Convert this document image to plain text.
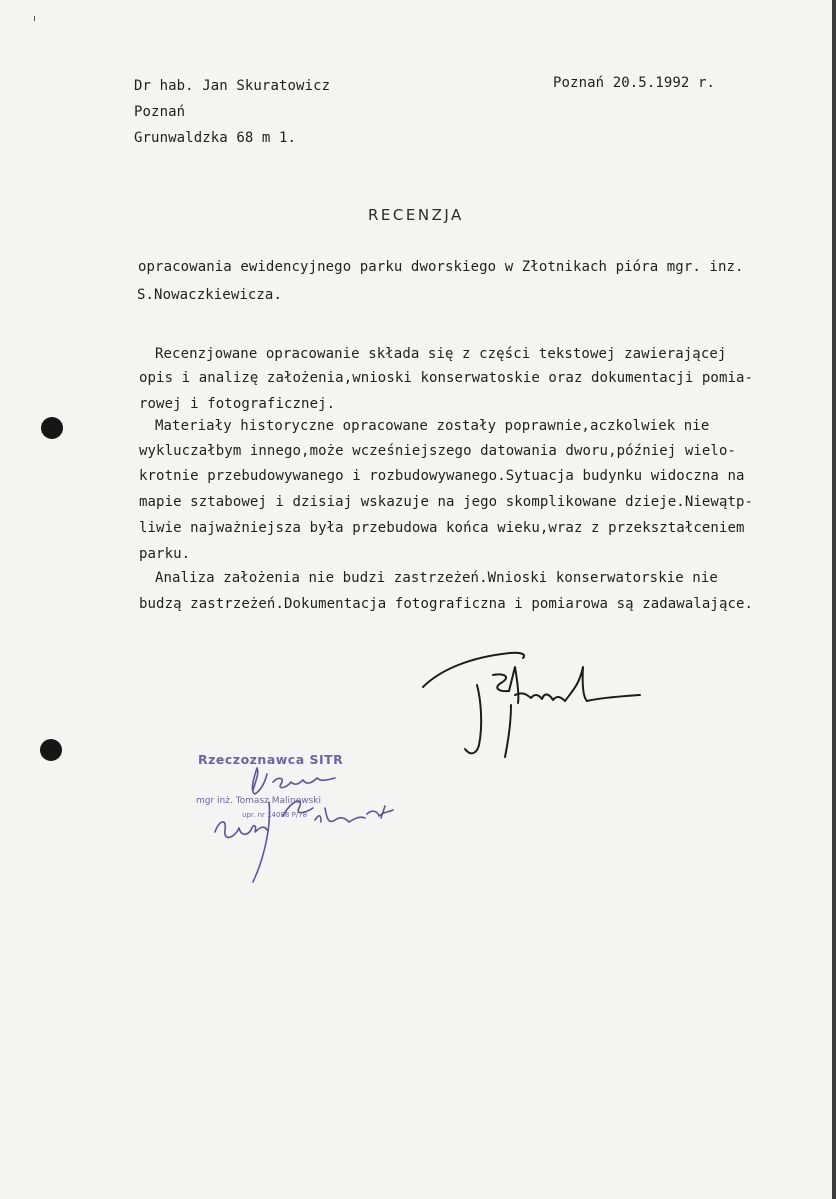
Dr hab. Jan Skuratowicz
Poznań
Grunwaldzka 68 m 1.
Poznań 20.5.1992 r.
RECENZJA
opracowania ewidencyjnego parku dworskiego w Złotnikach pióra mgr. inz.
S.Nowaczkiewicza.
Recenzjowane opracowanie składa się z części tekstowej zawierającej
opis i analizę założenia,wnioski konserwatoskie oraz dokumentacji pomia-
rowej i fotograficznej.
Materiały historyczne opracowane zostały poprawnie,aczkolwiek nie
wykluczałbym innego,może wcześniejszego datowania dworu,później wielo-
krotnie przebudowywanego i rozbudowywanego.Sytuacja budynku widoczna na
mapie sztabowej i dzisiaj wskazuje na jego skomplikowane dzieje.Niewątp-
liwie najważniejsza była przebudowa końca wieku,wraz z przekształceniem
parku.
Analiza założenia nie budzi zastrzeżeń.Wnioski konserwatorskie nie
budzą zastrzeżeń.Dokumentacja fotograficzna i pomiarowa są zadawalające.
Rzeczoznawca SITR
mgr inż. Tomasz Malinowski
upr. nr 14088 P/78
